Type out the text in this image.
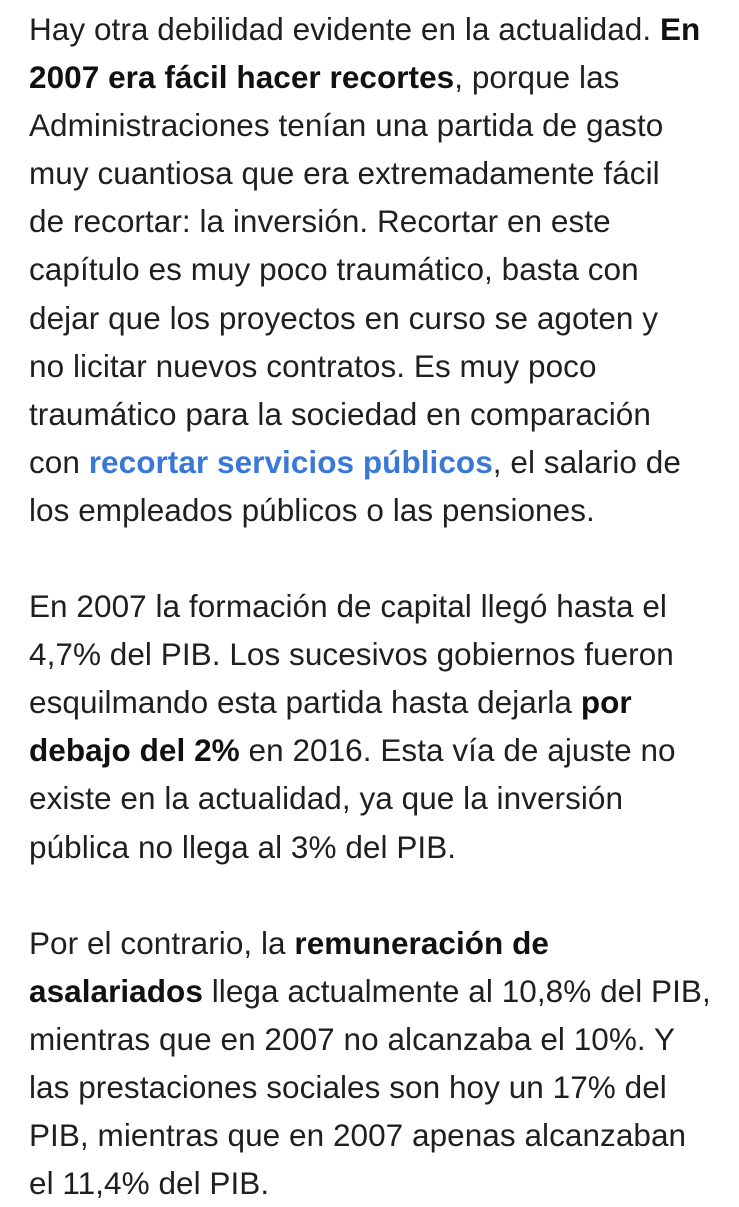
Hay otra debilidad evidente en la actualidad. En
2007 era fácil hacer recortes, porque las
Administraciones tenían una partida de gasto
muy cuantiosa que era extremadamente fácil
de recortar: la inversión. Recortar en este
capítulo es muy poco traumático, basta con
dejar que los proyectos en curso se agoten y
no licitar nuevos contratos. Es muy poco
traumático para la sociedad en comparación
con recortar servicios públicos, el salario de
los empleados públicos o las pensiones.

En 2007 la formación de capital llegó hasta el
4,7% del PIB. Los sucesivos gobiernos fueron
esquilmando esta partida hasta dejarla por
debajo del 2% en 2016. Esta vía de ajuste no
existe en la actualidad, ya que la inversión
pública no llega al 3% del PIB.

Por el contrario, la remuneración de
asalariados llega actualmente al 10,8% del PIB,
mientras que en 2007 no alcanzaba el 10%. Y
las prestaciones sociales son hoy un 17% del
PIB, mientras que en 2007 apenas alcanzaban
el 11,4% del PIB.
